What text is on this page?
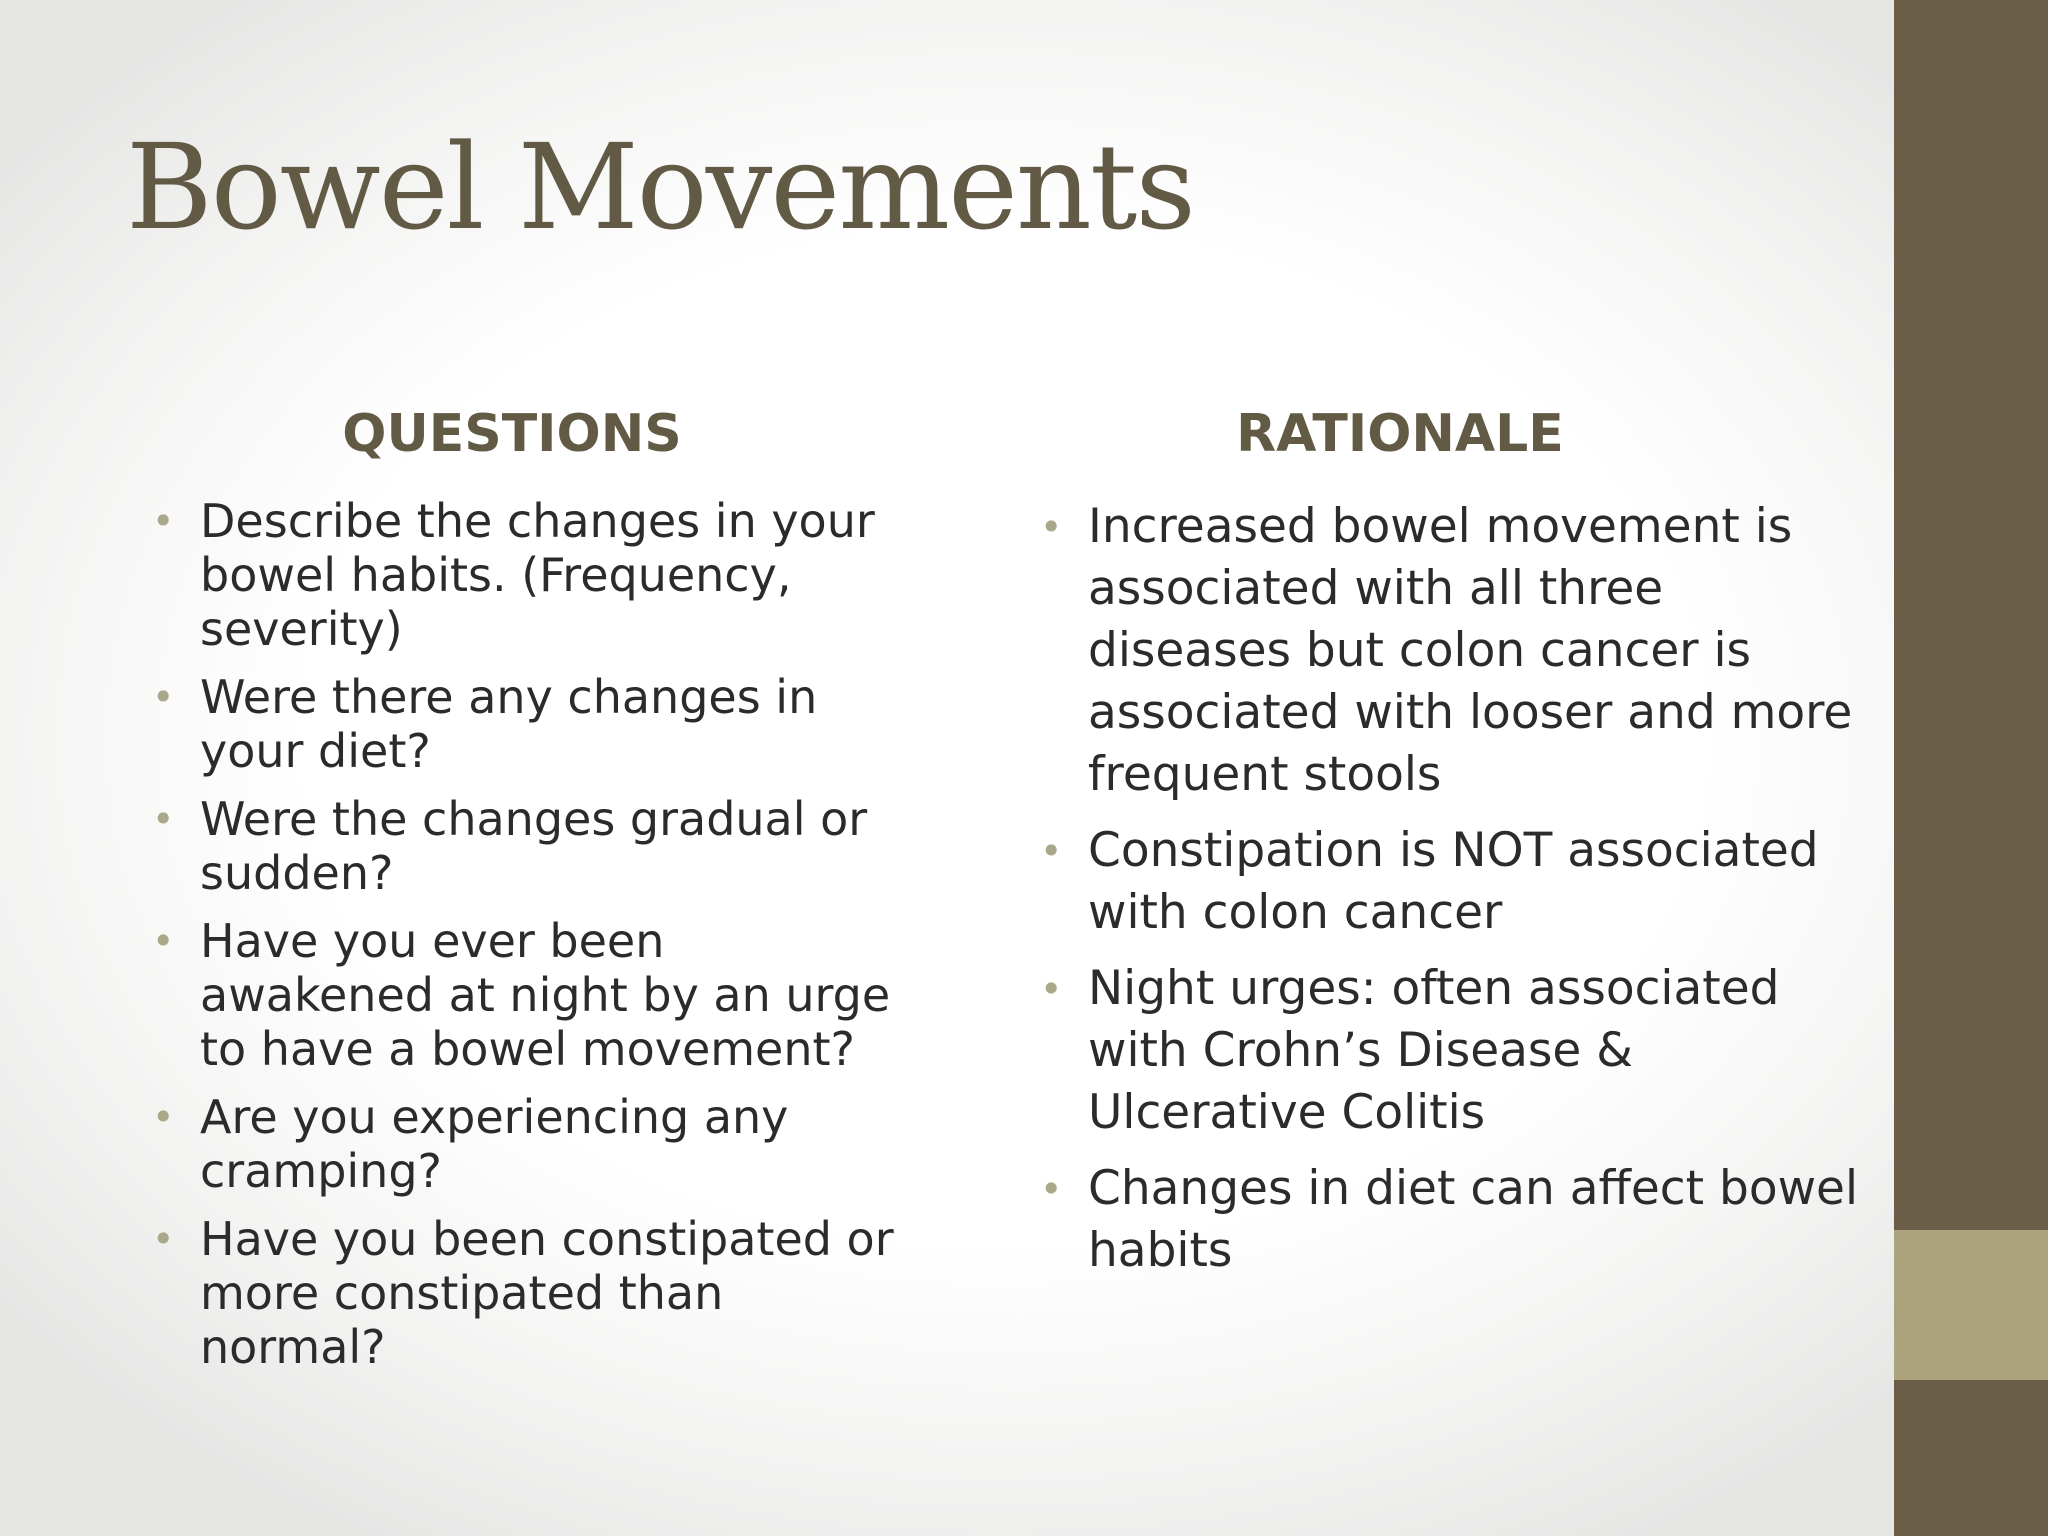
Bowel Movements
QUESTIONS	RATIONALE
• Describe the changes in your bowel habits. (Frequency, severity)
• Were there any changes in your diet?
• Were the changes gradual or sudden?
• Have you ever been awakened at night by an urge to have a bowel movement?
• Are you experiencing any cramping?
• Have you been constipated or more constipated than normal?
• Increased bowel movement is associated with all three diseases but colon cancer is associated with looser and more frequent stools
• Constipation is NOT associated with colon cancer
• Night urges: often associated with Crohn’s Disease & Ulcerative Colitis
• Changes in diet can affect bowel habits
